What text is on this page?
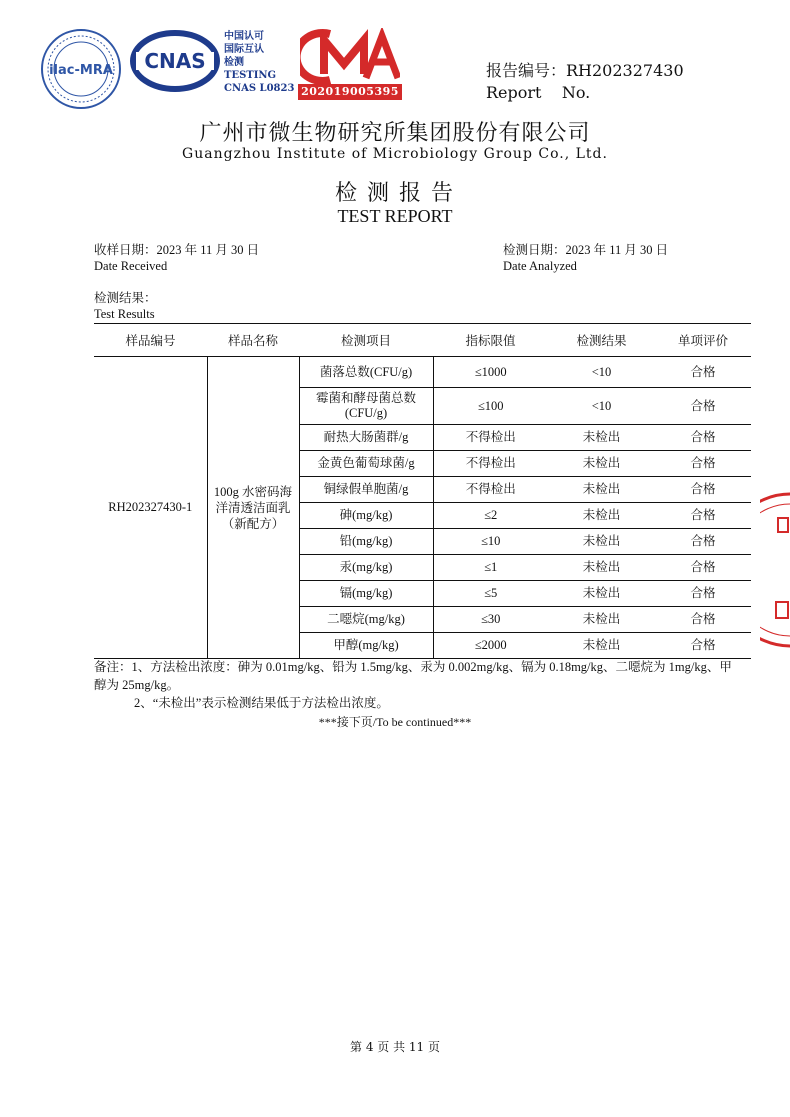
ilac-MRA CNAS
中国认可
国际互认
检测
TESTING
CNAS L0823 202019005395
报告编号：RH202327430
Report    No.
广州市微生物研究所集团股份有限公司
Guangzhou Institute of Microbiology Group Co., Ltd.
检测报告
TEST REPORT
收样日期：2023 年 11 月 30 日
Date Received
检测日期：2023 年 11 月 30 日
Date Analyzed
检测结果：
Test Results
样品编号	样品名称	检测项目	指标限值	检测结果	单项评价
RH202327430-1	100g 水密码海洋清透洁面乳（新配方）	菌落总数(CFU/g)	≤1000	<10	合格
		霉菌和酵母菌总数(CFU/g)	≤100	<10	合格
		耐热大肠菌群/g	不得检出	未检出	合格
		金黄色葡萄球菌/g	不得检出	未检出	合格
		铜绿假单胞菌/g	不得检出	未检出	合格
		砷(mg/kg)	≤2	未检出	合格
		铅(mg/kg)	≤10	未检出	合格
		汞(mg/kg)	≤1	未检出	合格
		镉(mg/kg)	≤5	未检出	合格
		二噁烷(mg/kg)	≤30	未检出	合格
		甲醇(mg/kg)	≤2000	未检出	合格
备注：1、方法检出浓度：砷为 0.01mg/kg、铅为 1.5mg/kg、汞为 0.002mg/kg、镉为 0.18mg/kg、二噁烷为 1mg/kg、甲醇为 25mg/kg。
2、“未检出”表示检测结果低于方法检出浓度。
***接下页/To be continued***
第 4 页 共 11 页
